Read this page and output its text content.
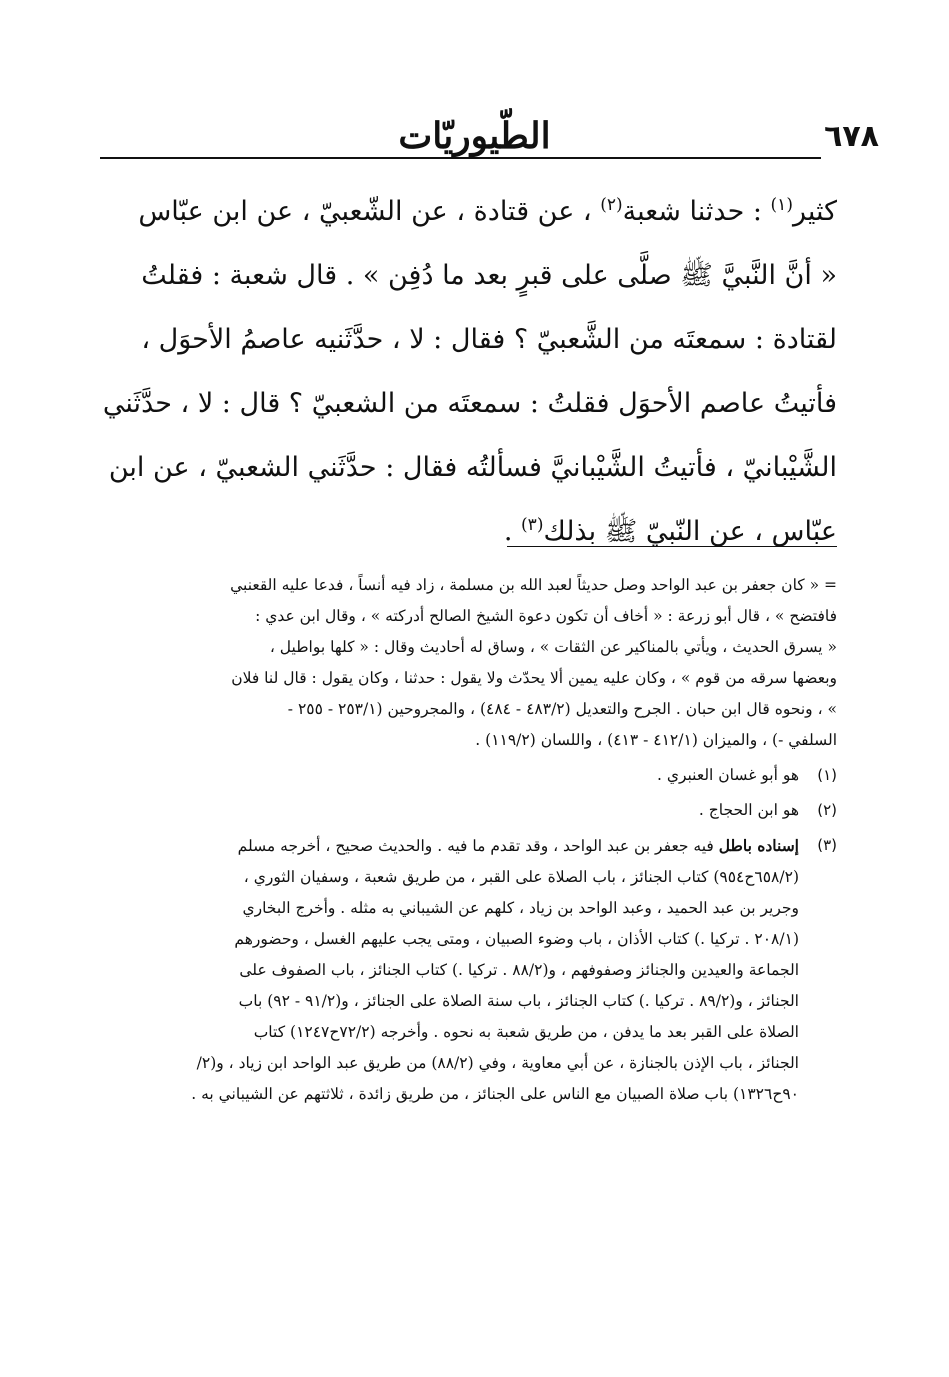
الطّيوريّات	٦٧٨
كثير$^{(١)}$ : حدثنا شعبة$^{(٢)}$ ، عن قتادة ، عن الشّعبيّ ، عن ابن عبّاس
« أنَّ النَّبيَّ ﷺ صلَّى على قبرٍ بعد ما دُفِن » . قال شعبة : فقلتُ
لقتادة : سمعتَه من الشَّعبيّ ؟ فقال : لا ، حدَّثَنيه عاصمُ الأحوَل ،
فأتيتُ عاصم الأحوَل فقلتُ : سمعتَه من الشعبيّ ؟ قال : لا ، حدَّثَني
الشَّيْبانيّ ، فأتيتُ الشَّيْبانيَّ فسألتُه فقال : حدَّثَني الشعبيّ ، عن ابن
عبّاس ، عن النّبيّ ﷺ بذلك$^{(٣)}$ .
= « كان جعفر بن عبد الواحد وصل حديثاً لعبد الله بن مسلمة ، زاد فيه أنساً ، فدعا عليه القعنبي
فافتضح » ، قال أبو زرعة : « أخاف أن تكون دعوة الشيخ الصالح أدركته » ، وقال ابن عدي :
« يسرق الحديث ، ويأتي بالمناكير عن الثقات » ، وساق له أحاديث وقال : « كلها بواطيل ،
وبعضها سرقه من قوم » ، وكان عليه يمين ألا يحدّث ولا يقول : حدثنا ، وكان يقول : قال لنا فلان
» ، ونحوه قال ابن حبان . الجرح والتعديل (٤٨٣/٢ - ٤٨٤) ، والمجروحين (٢٥٣/١ - ٢٥٥ -
السلفي -) ، والميزان (٤١٢/١ - ٤١٣) ، واللسان (١١٩/٢) .
(١)
هو أبو غسان العنبري .
(٢)
هو ابن الحجاج .
(٣)
إسناده باطل فيه جعفر بن عبد الواحد ، وقد تقدم ما فيه . والحديث صحيح ، أخرجه مسلم
(٦٥٨/٢ح٩٥٤) كتاب الجنائز ، باب الصلاة على القبر ، من طريق شعبة ، وسفيان الثوري ،
وجرير بن عبد الحميد ، وعبد الواحد بن زياد ، كلهم عن الشيباني به مثله . وأخرج البخاري
(٢٠٨/١ . تركيا .) كتاب الأذان ، باب وضوء الصبيان ، ومتى يجب عليهم الغسل ، وحضورهم
الجماعة والعيدين والجنائز وصفوفهم ، و(٨٨/٢ . تركيا .) كتاب الجنائز ، باب الصفوف على
الجنائز ، و(٨٩/٢ . تركيا .) كتاب الجنائز ، باب سنة الصلاة على الجنائز ، و(٩١/٢ - ٩٢) باب
الصلاة على القبر بعد ما يدفن ، من طريق شعبة به نحوه . وأخرجه (٧٢/٢ح١٢٤٧) كتاب
الجنائز ، باب الإذن بالجنازة ، عن أبي معاوية ، وفي (٨٨/٢) من طريق عبد الواحد ابن زياد ، و(٢/
٩٠ح١٣٢٦) باب صلاة الصبيان مع الناس على الجنائز ، من طريق زائدة ، ثلاثتهم عن الشيباني به .
